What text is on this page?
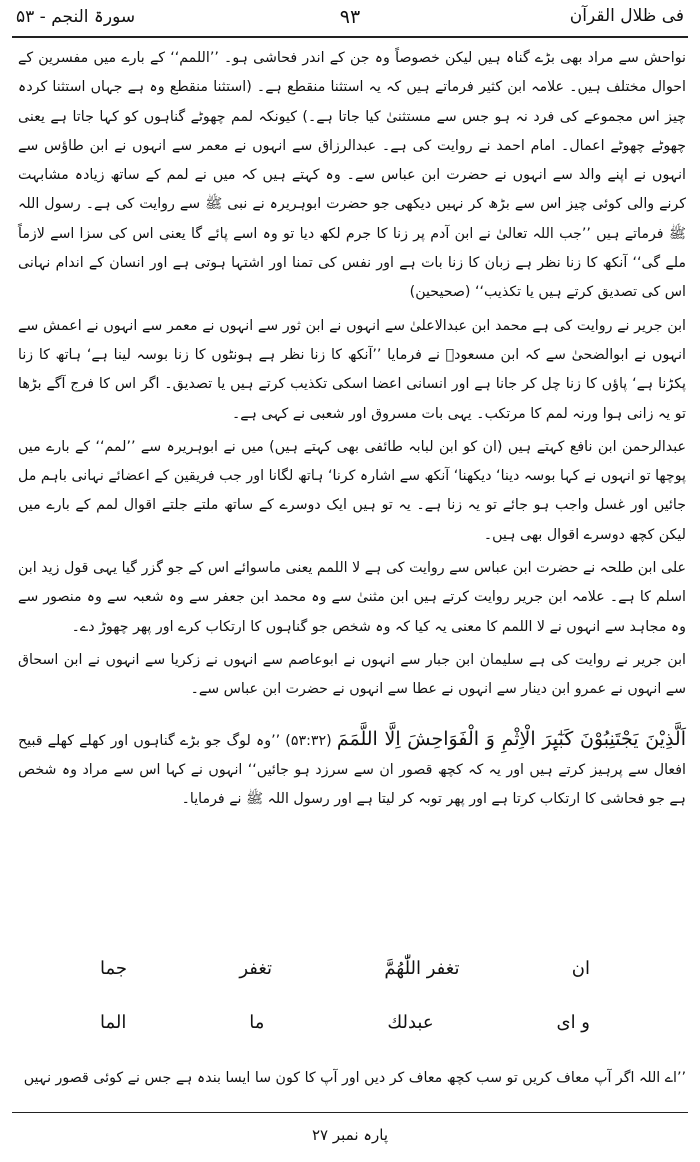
فی ظلال القرآن
۹۳
سورۃ النجم - ۵۳

نواحش سے مراد بھی بڑے گناہ ہیں لیکن خصوصاً وہ جن کے اندر فحاشی ہو۔ ’’اللمم‘‘ کے بارے میں مفسرین کے احوال مختلف ہیں۔ علامہ ابن کثیر فرماتے ہیں کہ یہ استثنا منقطع ہے۔ (استثنا منقطع وہ ہے جہاں استثنا کردہ چیز اس مجموعے کی فرد نہ ہو جس سے مستثنیٰ کیا جاتا ہے۔) کیونکہ لمم چھوٹے گناہوں کو کہا جاتا ہے یعنی چھوٹے چھوٹے اعمال۔ امام احمد نے روایت کی ہے۔ عبدالرزاق سے انہوں نے معمر سے انہوں نے ابن طاؤس سے انہوں نے اپنے والد سے انہوں نے حضرت ابن عباس سے۔ وہ کہتے ہیں کہ میں نے لمم کے ساتھ زیادہ مشابہت کرنے والی کوئی چیز اس سے بڑھ کر نہیں دیکھی جو حضرت ابوہریرہ نے نبی ﷺ سے روایت کی ہے۔ رسول اللہ ﷺ فرماتے ہیں ’’جب اللہ تعالیٰ نے ابن آدم پر زنا کا جرم لکھ دیا تو وہ اسے پائے گا یعنی اس کی سزا اسے لازماً ملے گی‘‘ آنکھ کا زنا نظر ہے زبان کا زنا بات ہے اور نفس کی تمنا اور اشتہا ہوتی ہے اور انسان کے اندام نہانی اس کی تصدیق کرتے ہیں یا تکذیب‘‘ (صحیحین)

ابن جریر نے روایت کی ہے محمد ابن عبدالاعلیٰ سے انہوں نے ابن ثور سے انہوں نے معمر سے انہوں نے اعمش سے انہوں نے ابوالضحیٰ سے کہ ابن مسعودؓ نے فرمایا ’’آنکھ کا زنا نظر ہے ہونٹوں کا زنا بوسہ لینا ہے‘ ہاتھ کا زنا پکڑنا ہے‘ پاؤں کا زنا چل کر جانا ہے اور انسانی اعضا اسکی تکذیب کرتے ہیں یا تصدیق۔ اگر اس کا فرج آگے بڑھا تو یہ زانی ہوا ورنہ لمم کا مرتکب۔ یہی بات مسروق اور شعبی نے کہی ہے۔

عبدالرحمن ابن نافع کہتے ہیں (ان کو ابن لبابہ طائفی بھی کہتے ہیں) میں نے ابوہریرہ سے ’’لمم‘‘ کے بارے میں پوچھا تو انہوں نے کہا بوسہ دینا‘ دیکھنا‘ آنکھ سے اشارہ کرنا‘ ہاتھ لگانا اور جب فریقین کے اعضائے نہانی باہم مل جائیں اور غسل واجب ہو جائے تو یہ زنا ہے۔ یہ تو ہیں ایک دوسرے کے ساتھ ملتے جلتے اقوال لمم کے بارے میں لیکن کچھ دوسرے اقوال بھی ہیں۔

علی ابن طلحہ نے حضرت ابن عباس سے روایت کی ہے لا اللمم یعنی ماسوائے اس کے جو گزر گیا یہی قول زید ابن اسلم کا ہے۔ علامہ ابن جریر روایت کرتے ہیں ابن مثنیٰ سے وہ محمد ابن جعفر سے وہ شعبہ سے وہ منصور سے وہ مجاہد سے انہوں نے لا اللمم کا معنی یہ کیا کہ وہ شخص جو گناہوں کا ارتکاب کرے اور پھر چھوڑ دے۔

ابن جریر نے روایت کی ہے سلیمان ابن جبار سے انہوں نے ابوعاصم سے انہوں نے زکریا سے انہوں نے ابن اسحاق سے انہوں نے عمرو ابن دینار سے انہوں نے عطا سے انہوں نے حضرت ابن عباس سے۔

اَلَّذِیْنَ یَجْتَنِبُوْنَ كَبٰٓىِٕرَ الْاِثْمِ وَ الْفَوَاحِشَ اِلَّا اللَّمَمَ (۵۳:۳۲) ’’وہ لوگ جو بڑے گناہوں اور کھلے کھلے قبیح افعال سے پرہیز کرتے ہیں اور یہ کہ کچھ قصور ان سے سرزد ہو جائیں‘‘ انہوں نے کہا اس سے مراد وہ شخص ہے جو فحاشی کا ارتکاب کرتا ہے اور پھر توبہ کر لیتا ہے اور رسول اللہ ﷺ نے فرمایا۔

ان
تغفر اللّٰھُمَّ
تغفر
جما
و ای
عبدلك
ما
الما
’’اے اللہ اگر آپ معاف کریں تو سب کچھ معاف کر دیں اور آپ کا کون سا ایسا بندہ ہے جس نے کوئی قصور نہیں
پارہ نمبر ۲۷
